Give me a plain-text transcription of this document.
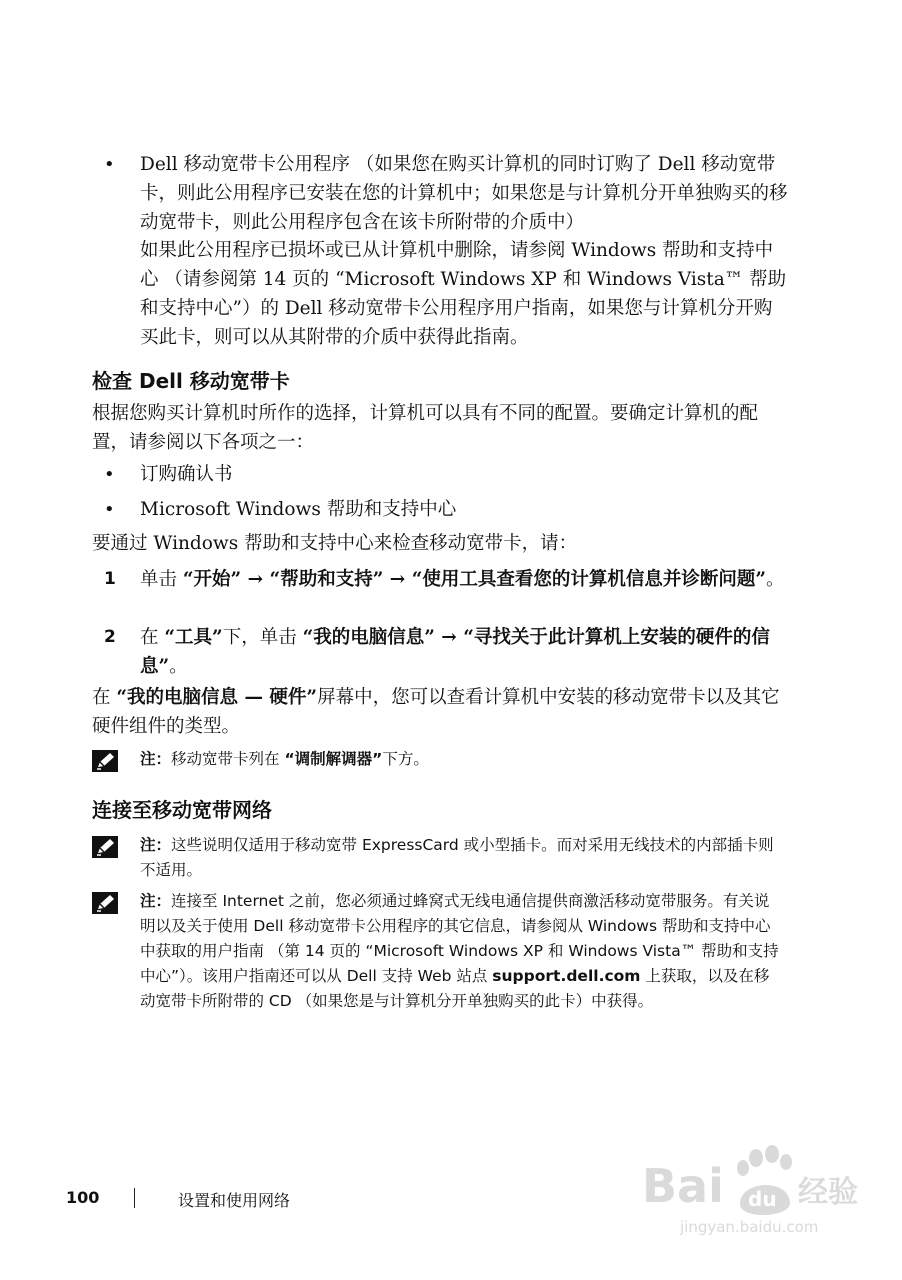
•	Dell 移动宽带卡公用程序 （如果您在购买计算机的同时订购了 Dell 移动宽带卡，则此公用程序已安装在您的计算机中；如果您是与计算机分开单独购买的移动宽带卡，则此公用程序包含在该卡所附带的介质中）
如果此公用程序已损坏或已从计算机中删除，请参阅 Windows 帮助和支持中心 （请参阅第 14 页的 “Microsoft Windows XP 和 Windows Vista™ 帮助和支持中心”）的 Dell 移动宽带卡公用程序用户指南，如果您与计算机分开购买此卡，则可以从其附带的介质中获得此指南。
检查 Dell 移动宽带卡
根据您购买计算机时所作的选择，计算机可以具有不同的配置。要确定计算机的配置，请参阅以下各项之一：
•	订购确认书
•	Microsoft Windows 帮助和支持中心
要通过 Windows 帮助和支持中心来检查移动宽带卡，请：
1 单击 “开始” → “帮助和支持” → “使用工具查看您的计算机信息并诊断问题”。
2 在 “工具”下，单击 “我的电脑信息” → “寻找关于此计算机上安装的硬件的信息”。
在 “我的电脑信息 — 硬件”屏幕中，您可以查看计算机中安装的移动宽带卡以及其它硬件组件的类型。
注：移动宽带卡列在 “调制解调器”下方。
连接至移动宽带网络
注：这些说明仅适用于移动宽带 ExpressCard 或小型插卡。而对采用无线技术的内部插卡则不适用。
注：连接至 Internet 之前，您必须通过蜂窝式无线电通信提供商激活移动宽带服务。有关说明以及关于使用 Dell 移动宽带卡公用程序的其它信息，请参阅从 Windows 帮助和支持中心中获取的用户指南 （第 14 页的 “Microsoft Windows XP 和 Windows Vista™ 帮助和支持中心”）。该用户指南还可以从 Dell 支持 Web 站点 support.dell.com 上获取，以及在移动宽带卡所附带的 CD （如果您是与计算机分开单独购买的此卡）中获得。
100	设置和使用网络	Bai du 经验
jingyan.baidu.com
